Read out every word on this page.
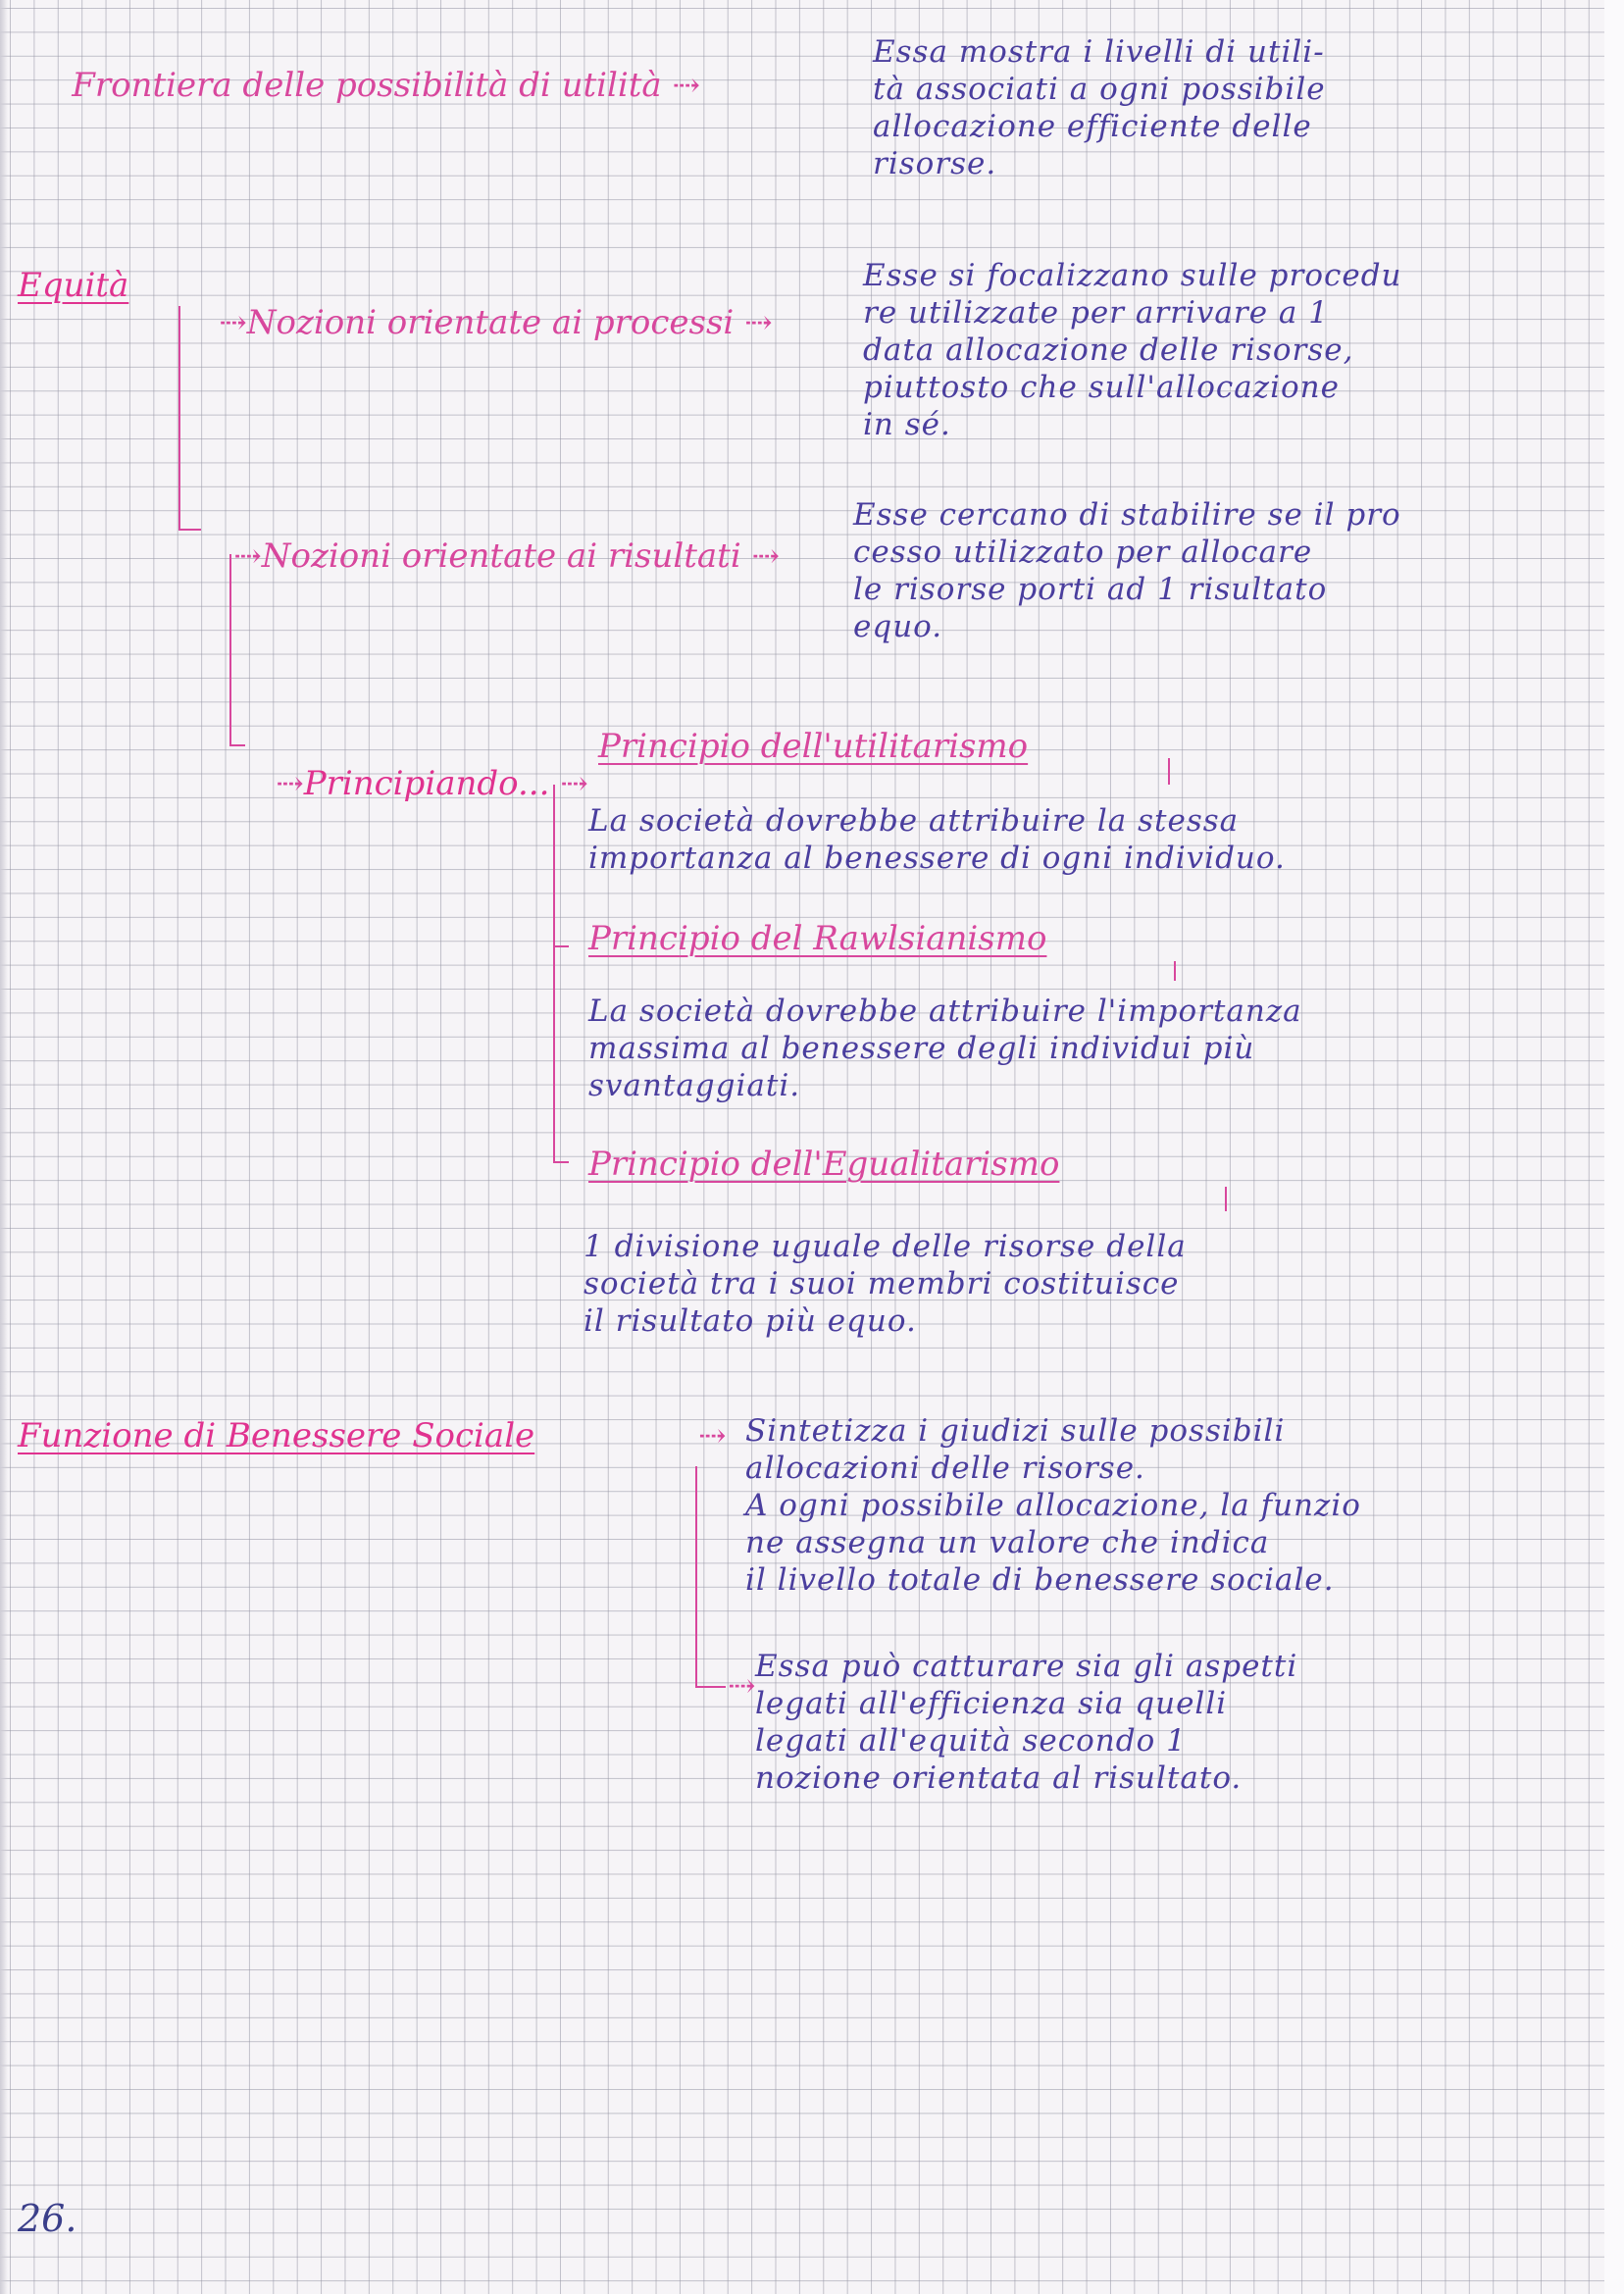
Frontiera delle possibilità di utilità ⇢

Essa mostra i livelli di utili-
tà associati a ogni possibile
allocazione efficiente delle
risorse.
Equità

⇢Nozioni orientate ai processi ⇢

Esse si focalizzano sulle procedu
re utilizzate per arrivare a 1
data allocazione delle risorse,
piuttosto che sull'allocazione
in sé.

⇢Nozioni orientate ai risultati ⇢

Esse cercano di stabilire se il pro
cesso utilizzato per allocare
le risorse porti ad 1 risultato
equo.

⇢Principiando... ⇢

Principio dell'utilitarismo
La società dovrebbe attribuire la stessa
importanza al benessere di ogni individuo.
Principio del Rawlsianismo
La società dovrebbe attribuire l'importanza
massima al benessere degli individui più
svantaggiati.
Principio dell'Egualitarismo
1 divisione uguale delle risorse della
società tra i suoi membri costituisce
il risultato più equo.
Funzione di Benessere Sociale	⇢ Sintetizza i giudizi sulle possibili
allocazioni delle risorse.
A ogni possibile allocazione, la funzio
ne assegna un valore che indica
il livello totale di benessere sociale.
⇢ Essa può catturare sia gli aspetti
legati all'efficienza sia quelli
legati all'equità secondo 1
nozione orientata al risultato.
26.
